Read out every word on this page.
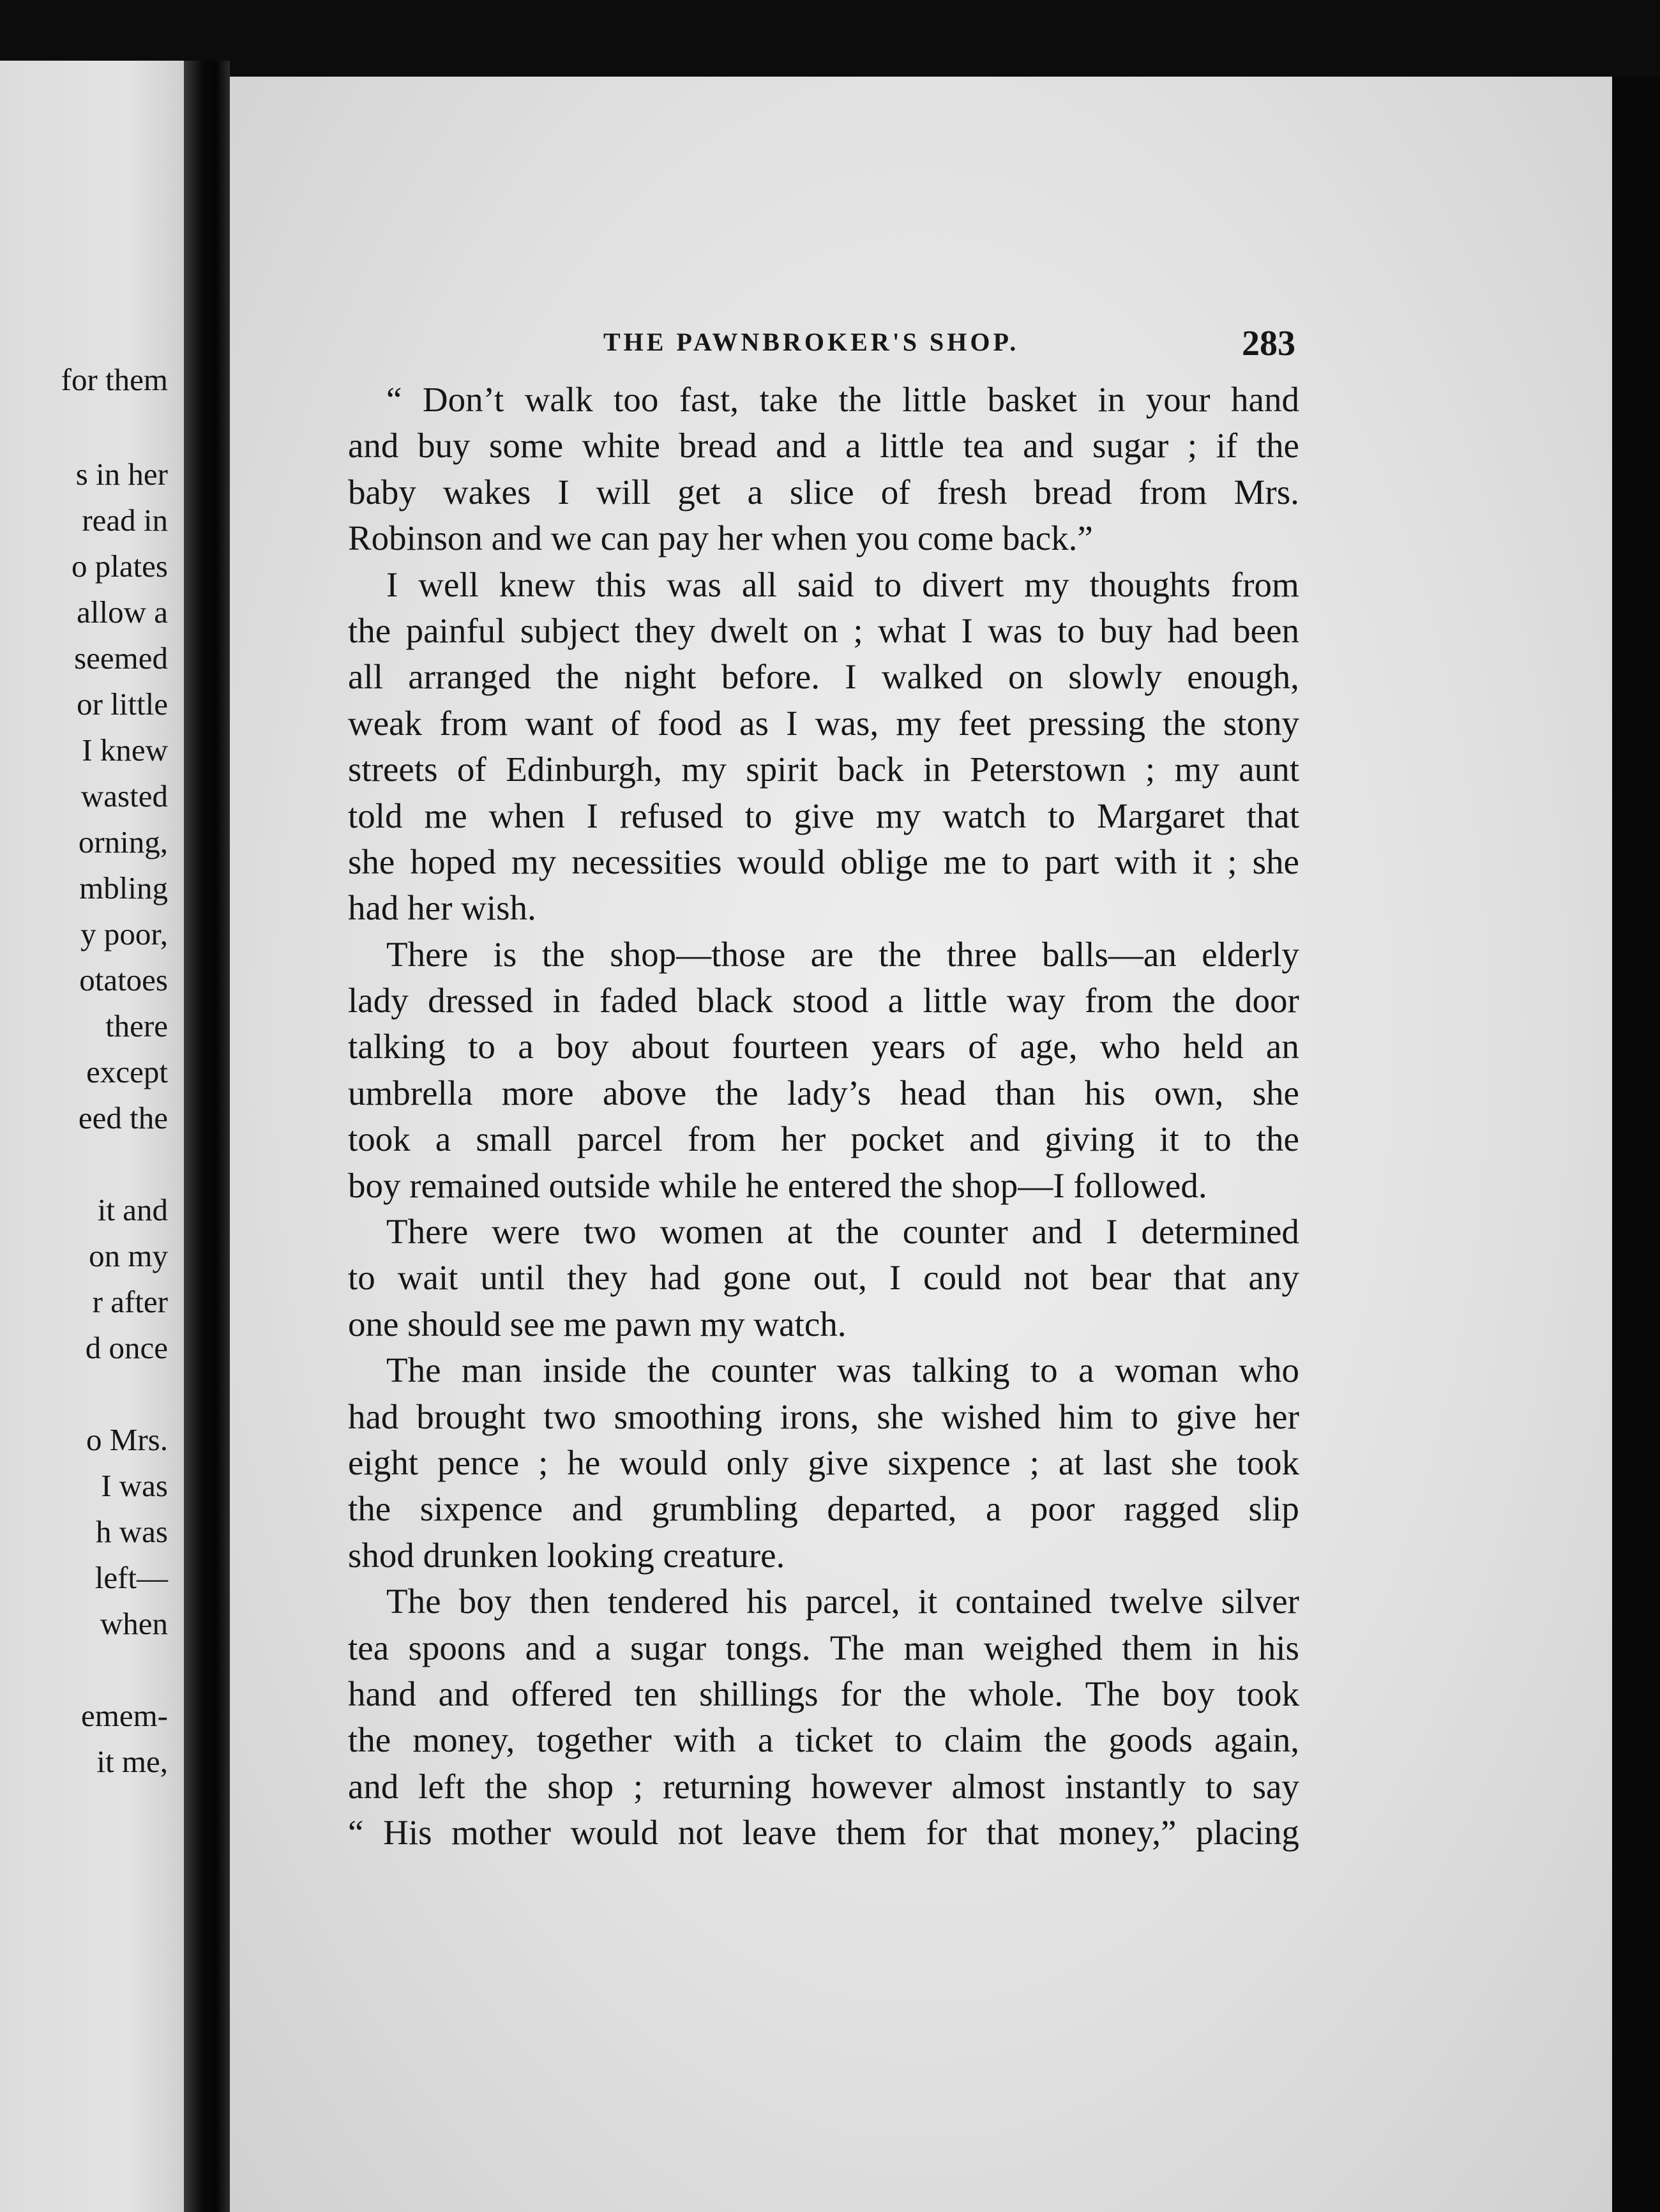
for them
s in her
read in
o plates
allow a
seemed
or little
I knew
wasted
orning,
mbling
y poor,
otatoes
there
except
eed the
it and
on my
r after
d once
o Mrs.
I was
h was
left—
when
emem-
it me,
THE PAWNBROKER'S SHOP.	283
“ Don’t walk too fast, take the little basket in your hand
and buy some white bread and a little tea and sugar ; if the
baby wakes I will get a slice of fresh bread from Mrs.
Robinson and we can pay her when you come back.”
I well knew this was all said to divert my thoughts from
the painful subject they dwelt on ; what I was to buy had been
all arranged the night before. I walked on slowly enough,
weak from want of food as I was, my feet pressing the stony
streets of Edinburgh, my spirit back in Peterstown ; my aunt
told me when I refused to give my watch to Margaret that
she hoped my necessities would oblige me to part with it ; she
had her wish.
There is the shop—those are the three balls—an elderly
lady dressed in faded black stood a little way from the door
talking to a boy about fourteen years of age, who held an
umbrella more above the lady’s head than his own, she
took a small parcel from her pocket and giving it to the
boy remained outside while he entered the shop—I followed.
There were two women at the counter and I determined
to wait until they had gone out, I could not bear that any
one should see me pawn my watch.
The man inside the counter was talking to a woman who
had brought two smoothing irons, she wished him to give her
eight pence ; he would only give sixpence ; at last she took
the sixpence and grumbling departed, a poor ragged slip
shod drunken looking creature.
The boy then tendered his parcel, it contained twelve silver
tea spoons and a sugar tongs. The man weighed them in his
hand and offered ten shillings for the whole. The boy took
the money, together with a ticket to claim the goods again,
and left the shop ; returning however almost instantly to say
“ His mother would not leave them for that money,” placing
